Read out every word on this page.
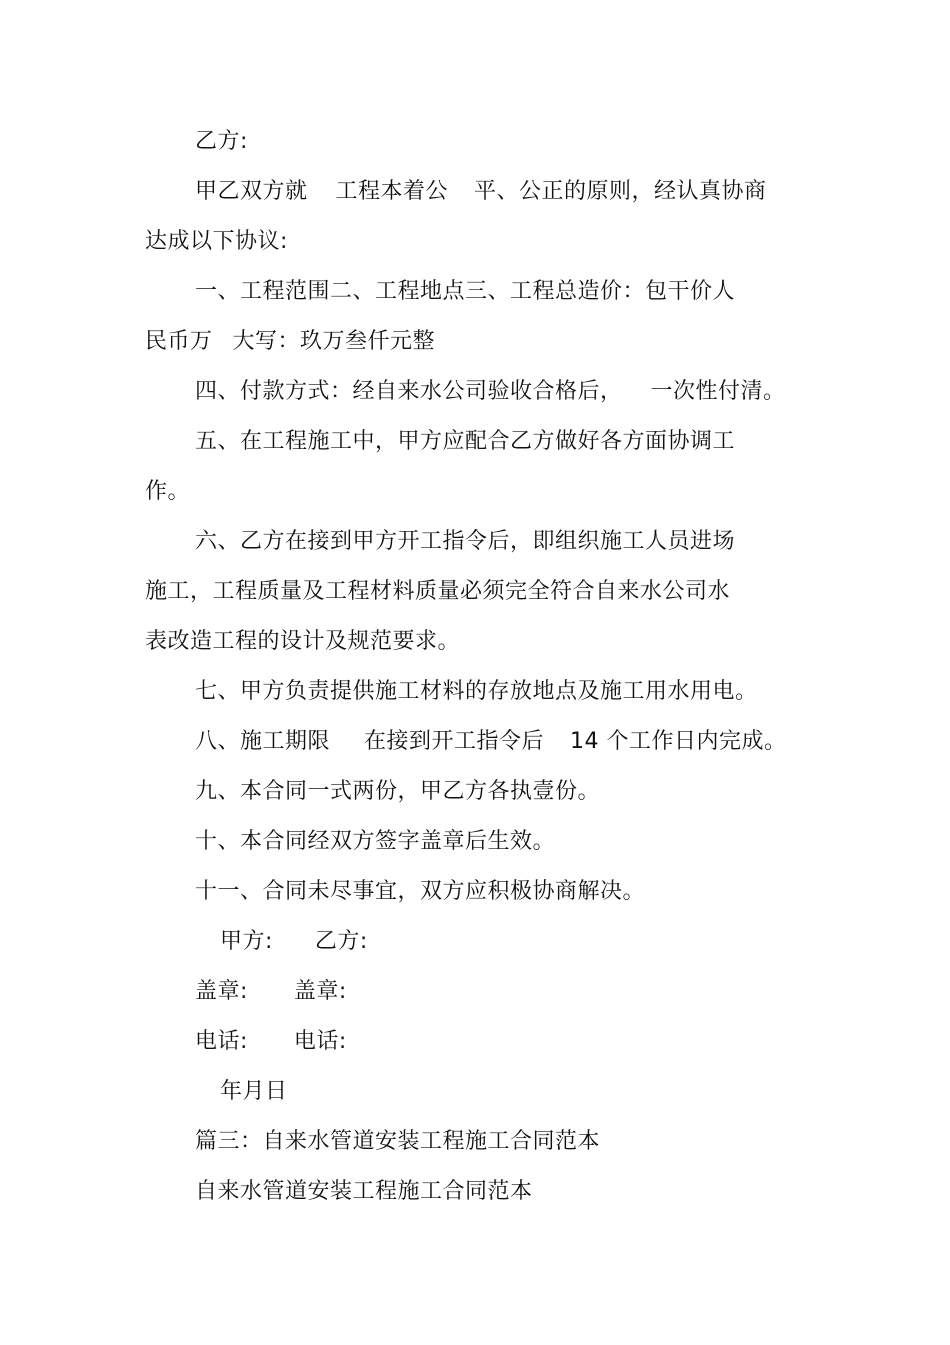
乙方:

甲乙双方就 工程本着公 平、公正的原则，经认真协商

达成以下协议:

一、工程范围二、工程地点三、工程总造价：包干价人

民币万 大写：玖万叁仟元整

四、付款方式：经自来水公司验收合格后， 一次性付清。

五、在工程施工中，甲方应配合乙方做好各方面协调工

作。

六、乙方在接到甲方开工指令后，即组织施工人员进场

施工，工程质量及工程材料质量必须完全符合自来水公司水

表改造工程的设计及规范要求。

七、甲方负责提供施工材料的存放地点及施工用水用电。

八、施工期限 在接到开工指令后 14 个工作日内完成。

九、本合同一式两份，甲乙方各执壹份。

十、本合同经双方签字盖章后生效。

十一、合同未尽事宜，双方应积极协商解决。

甲方: 乙方:

盖章: 盖章:

电话: 电话:

年月日

篇三：自来水管道安装工程施工合同范本

自来水管道安装工程施工合同范本
